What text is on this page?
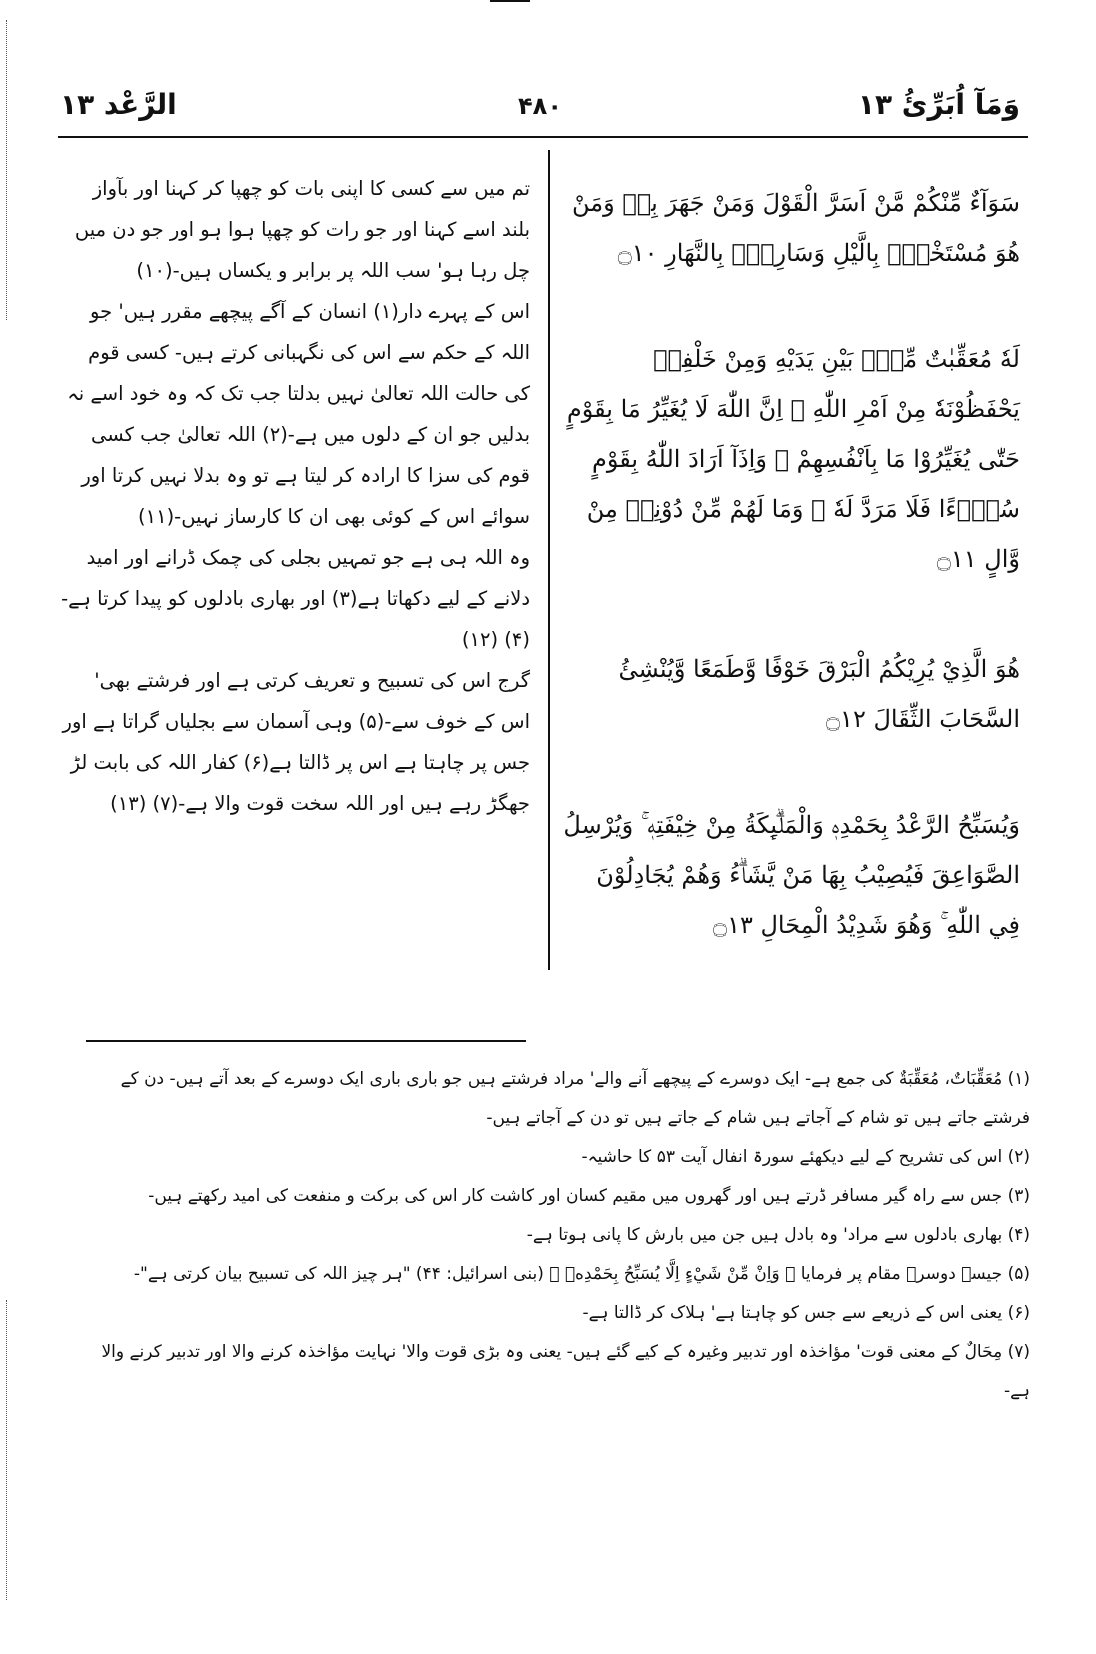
وَمَآ اُبَرِّئُ ۱۳
۴۸۰
الرَّعْد ۱۳
سَوَآءٌ مِّنْكُمْ مَّنْ اَسَرَّ الْقَوْلَ وَمَنْ جَهَرَ بِهٖ وَمَنْ هُوَ مُسْتَخْفٍۢ بِالَّيْلِ وَسَارِبٌۢ بِالنَّهَارِ ۝۱۰
لَهٗ مُعَقِّبٰتٌ مِّنْۢ بَيْنِ يَدَيْهِ وَمِنْ خَلْفِهٖ يَحْفَظُوْنَهٗ مِنْ اَمْرِ اللّٰهِ ۭ اِنَّ اللّٰهَ لَا يُغَيِّرُ مَا بِقَوْمٍ حَتّٰى يُغَيِّرُوْا مَا بِاَنْفُسِهِمْ ۭ وَاِذَآ اَرَادَ اللّٰهُ بِقَوْمٍ سُوْۗءًا فَلَا مَرَدَّ لَهٗ ۚ وَمَا لَهُمْ مِّنْ دُوْنِهٖ مِنْ وَّالٍ ۝۱۱
هُوَ الَّذِيْ يُرِيْكُمُ الْبَرْقَ خَوْفًا وَّطَمَعًا وَّيُنْشِئُ السَّحَابَ الثِّقَالَ ۝۱۲
وَيُسَبِّحُ الرَّعْدُ بِحَمْدِهٖ وَالْمَلٰۗىِٕكَةُ مِنْ خِيْفَتِهٖ ۚ وَيُرْسِلُ الصَّوَاعِقَ فَيُصِيْبُ بِهَا مَنْ يَّشَاۗءُ وَهُمْ يُجَادِلُوْنَ فِي اللّٰهِ ۚ وَهُوَ شَدِيْدُ الْمِحَالِ ۝۱۳
تم میں سے کسی کا اپنی بات کو چھپا کر کہنا اور بآواز بلند اسے کہنا اور جو رات کو چھپا ہوا ہو اور جو دن میں چل رہا ہو' سب اللہ پر برابر و یکساں ہیں-(۱۰)
اس کے پہرے دار(۱) انسان کے آگے پیچھے مقرر ہیں' جو اللہ کے حکم سے اس کی نگہبانی کرتے ہیں- کسی قوم کی حالت اللہ تعالیٰ نہیں بدلتا جب تک کہ وہ خود اسے نہ بدلیں جو ان کے دلوں میں ہے-(۲) اللہ تعالیٰ جب کسی قوم کی سزا کا ارادہ کر لیتا ہے تو وہ بدلا نہیں کرتا اور سوائے اس کے کوئی بھی ان کا کارساز نہیں-(۱۱)
وہ اللہ ہی ہے جو تمہیں بجلی کی چمک ڈرانے اور امید دلانے کے لیے دکھاتا ہے(۳) اور بھاری بادلوں کو پیدا کرتا ہے-(۴) (۱۲)
گرج اس کی تسبیح و تعریف کرتی ہے اور فرشتے بھی' اس کے خوف سے-(۵) وہی آسمان سے بجلیاں گراتا ہے اور جس پر چاہتا ہے اس پر ڈالتا ہے(۶) کفار اللہ کی بابت لڑ جھگڑ رہے ہیں اور اللہ سخت قوت والا ہے-(۷) (۱۳)
(۱) مُعَقِّبَاتٌ، مُعَقِّبَةٌ کی جمع ہے- ایک دوسرے کے پیچھے آنے والے' مراد فرشتے ہیں جو باری باری ایک دوسرے کے بعد آتے ہیں- دن کے فرشتے جاتے ہیں تو شام کے آجاتے ہیں شام کے جاتے ہیں تو دن کے آجاتے ہیں-
(۲) اس کی تشریح کے لیے دیکھئے سورۃ انفال آیت ۵۳ کا حاشیہ-
(۳) جس سے راہ گیر مسافر ڈرتے ہیں اور گھروں میں مقیم کسان اور کاشت کار اس کی برکت و منفعت کی امید رکھتے ہیں-
(۴) بھاری بادلوں سے مراد' وہ بادل ہیں جن میں بارش کا پانی ہوتا ہے-
(۵) جیسے دوسرے مقام پر فرمایا ﴿ وَاِنْ مِّنْ شَيْءٍ اِلَّا يُسَبِّحُ بِحَمْدِهٖ ﴾ (بنی اسرائیل: ۴۴) "ہر چیز اللہ کی تسبیح بیان کرتی ہے"-
(۶) یعنی اس کے ذریعے سے جس کو چاہتا ہے' ہلاک کر ڈالتا ہے-
(۷) مِحَالٌ کے معنی قوت' مؤاخذہ اور تدبیر وغیرہ کے کیے گئے ہیں- یعنی وہ بڑی قوت والا' نہایت مؤاخذہ کرنے والا اور تدبیر کرنے والا ہے-
